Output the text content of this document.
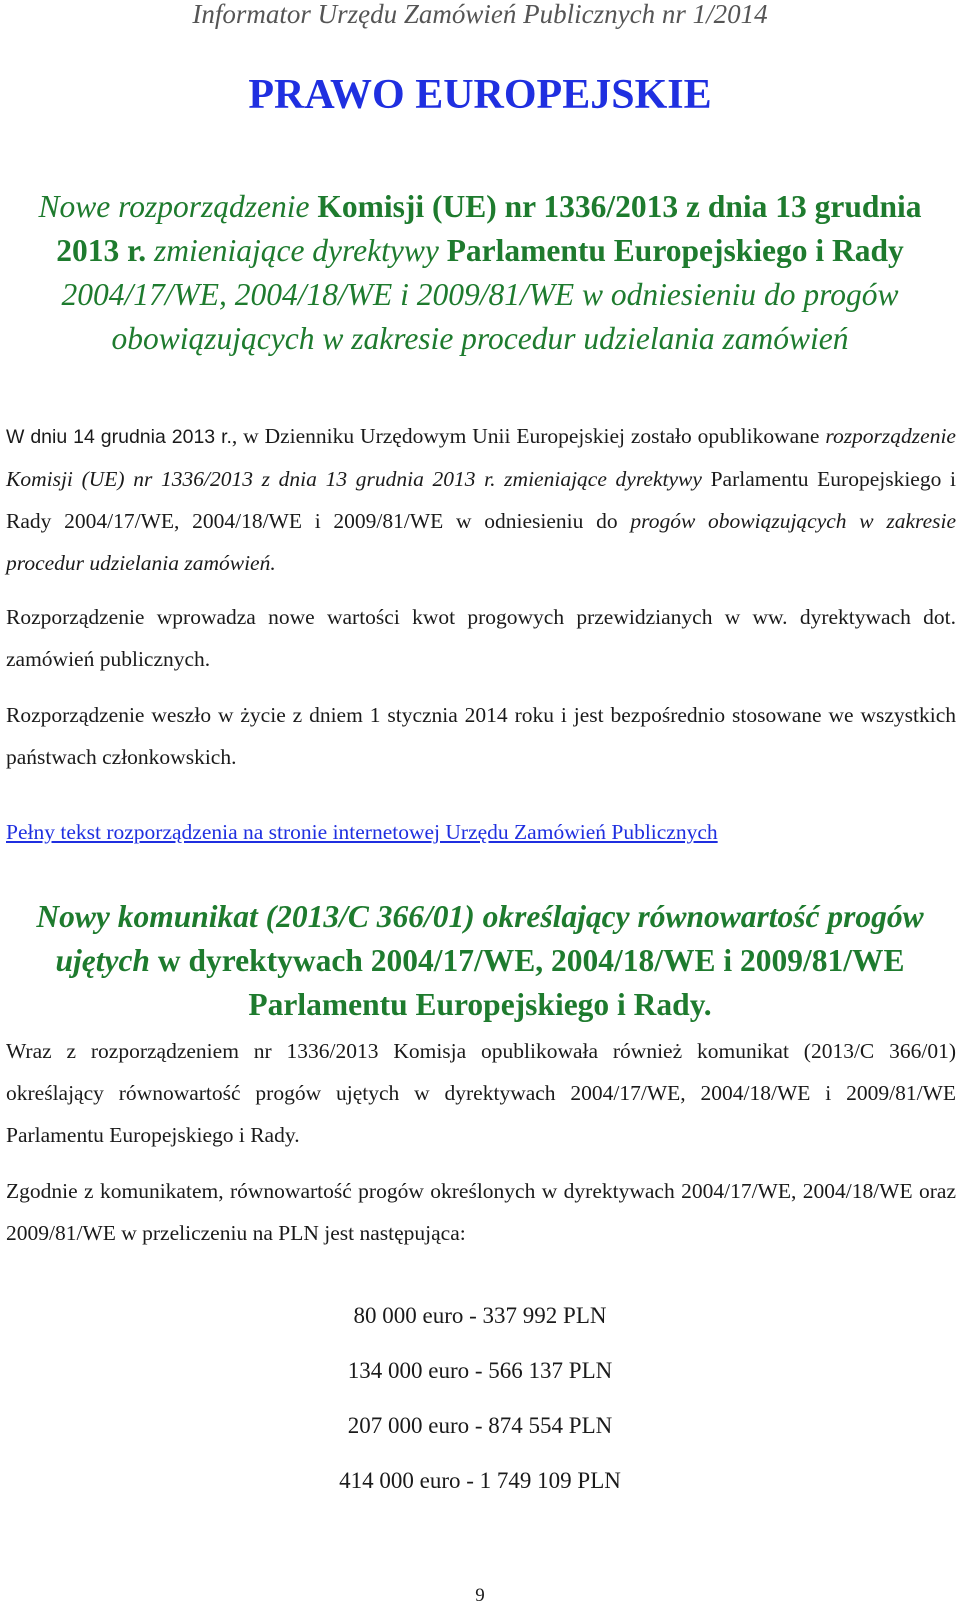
Informator Urzędu Zamówień Publicznych nr 1/2014
PRAWO EUROPEJSKIE
Nowe rozporządzenie Komisji (UE) nr 1336/2013 z dnia 13 grudnia 2013 r. zmieniające dyrektywy Parlamentu Europejskiego i Rady 2004/17/WE, 2004/18/WE i 2009/81/WE w odniesieniu do progów obowiązujących w zakresie procedur udzielania zamówień
W dniu 14 grudnia 2013 r., w Dzienniku Urzędowym Unii Europejskiej zostało opublikowane rozporządzenie Komisji (UE) nr 1336/2013 z dnia 13 grudnia 2013 r. zmieniające dyrektywy Parlamentu Europejskiego i Rady 2004/17/WE, 2004/18/WE i 2009/81/WE w odniesieniu do progów obowiązujących w zakresie procedur udzielania zamówień.
Rozporządzenie wprowadza nowe wartości kwot progowych przewidzianych w ww. dyrektywach dot. zamówień publicznych.
Rozporządzenie weszło w życie z dniem 1 stycznia 2014 roku i jest bezpośrednio stosowane we wszystkich państwach członkowskich.
Pełny tekst rozporządzenia na stronie internetowej Urzędu Zamówień Publicznych
Nowy komunikat (2013/C 366/01) określający równowartość progów ujętych w dyrektywach 2004/17/WE, 2004/18/WE i 2009/81/WE Parlamentu Europejskiego i Rady.
Wraz z rozporządzeniem nr 1336/2013 Komisja opublikowała również komunikat (2013/C 366/01) określający równowartość progów ujętych w dyrektywach 2004/17/WE, 2004/18/WE i 2009/81/WE Parlamentu Europejskiego i Rady.
Zgodnie z komunikatem, równowartość progów określonych w dyrektywach 2004/17/WE, 2004/18/WE oraz 2009/81/WE w przeliczeniu na PLN jest następująca:
80 000 euro - 337 992 PLN
134 000 euro - 566 137 PLN
207 000 euro - 874 554 PLN
414 000 euro - 1 749 109 PLN
9
